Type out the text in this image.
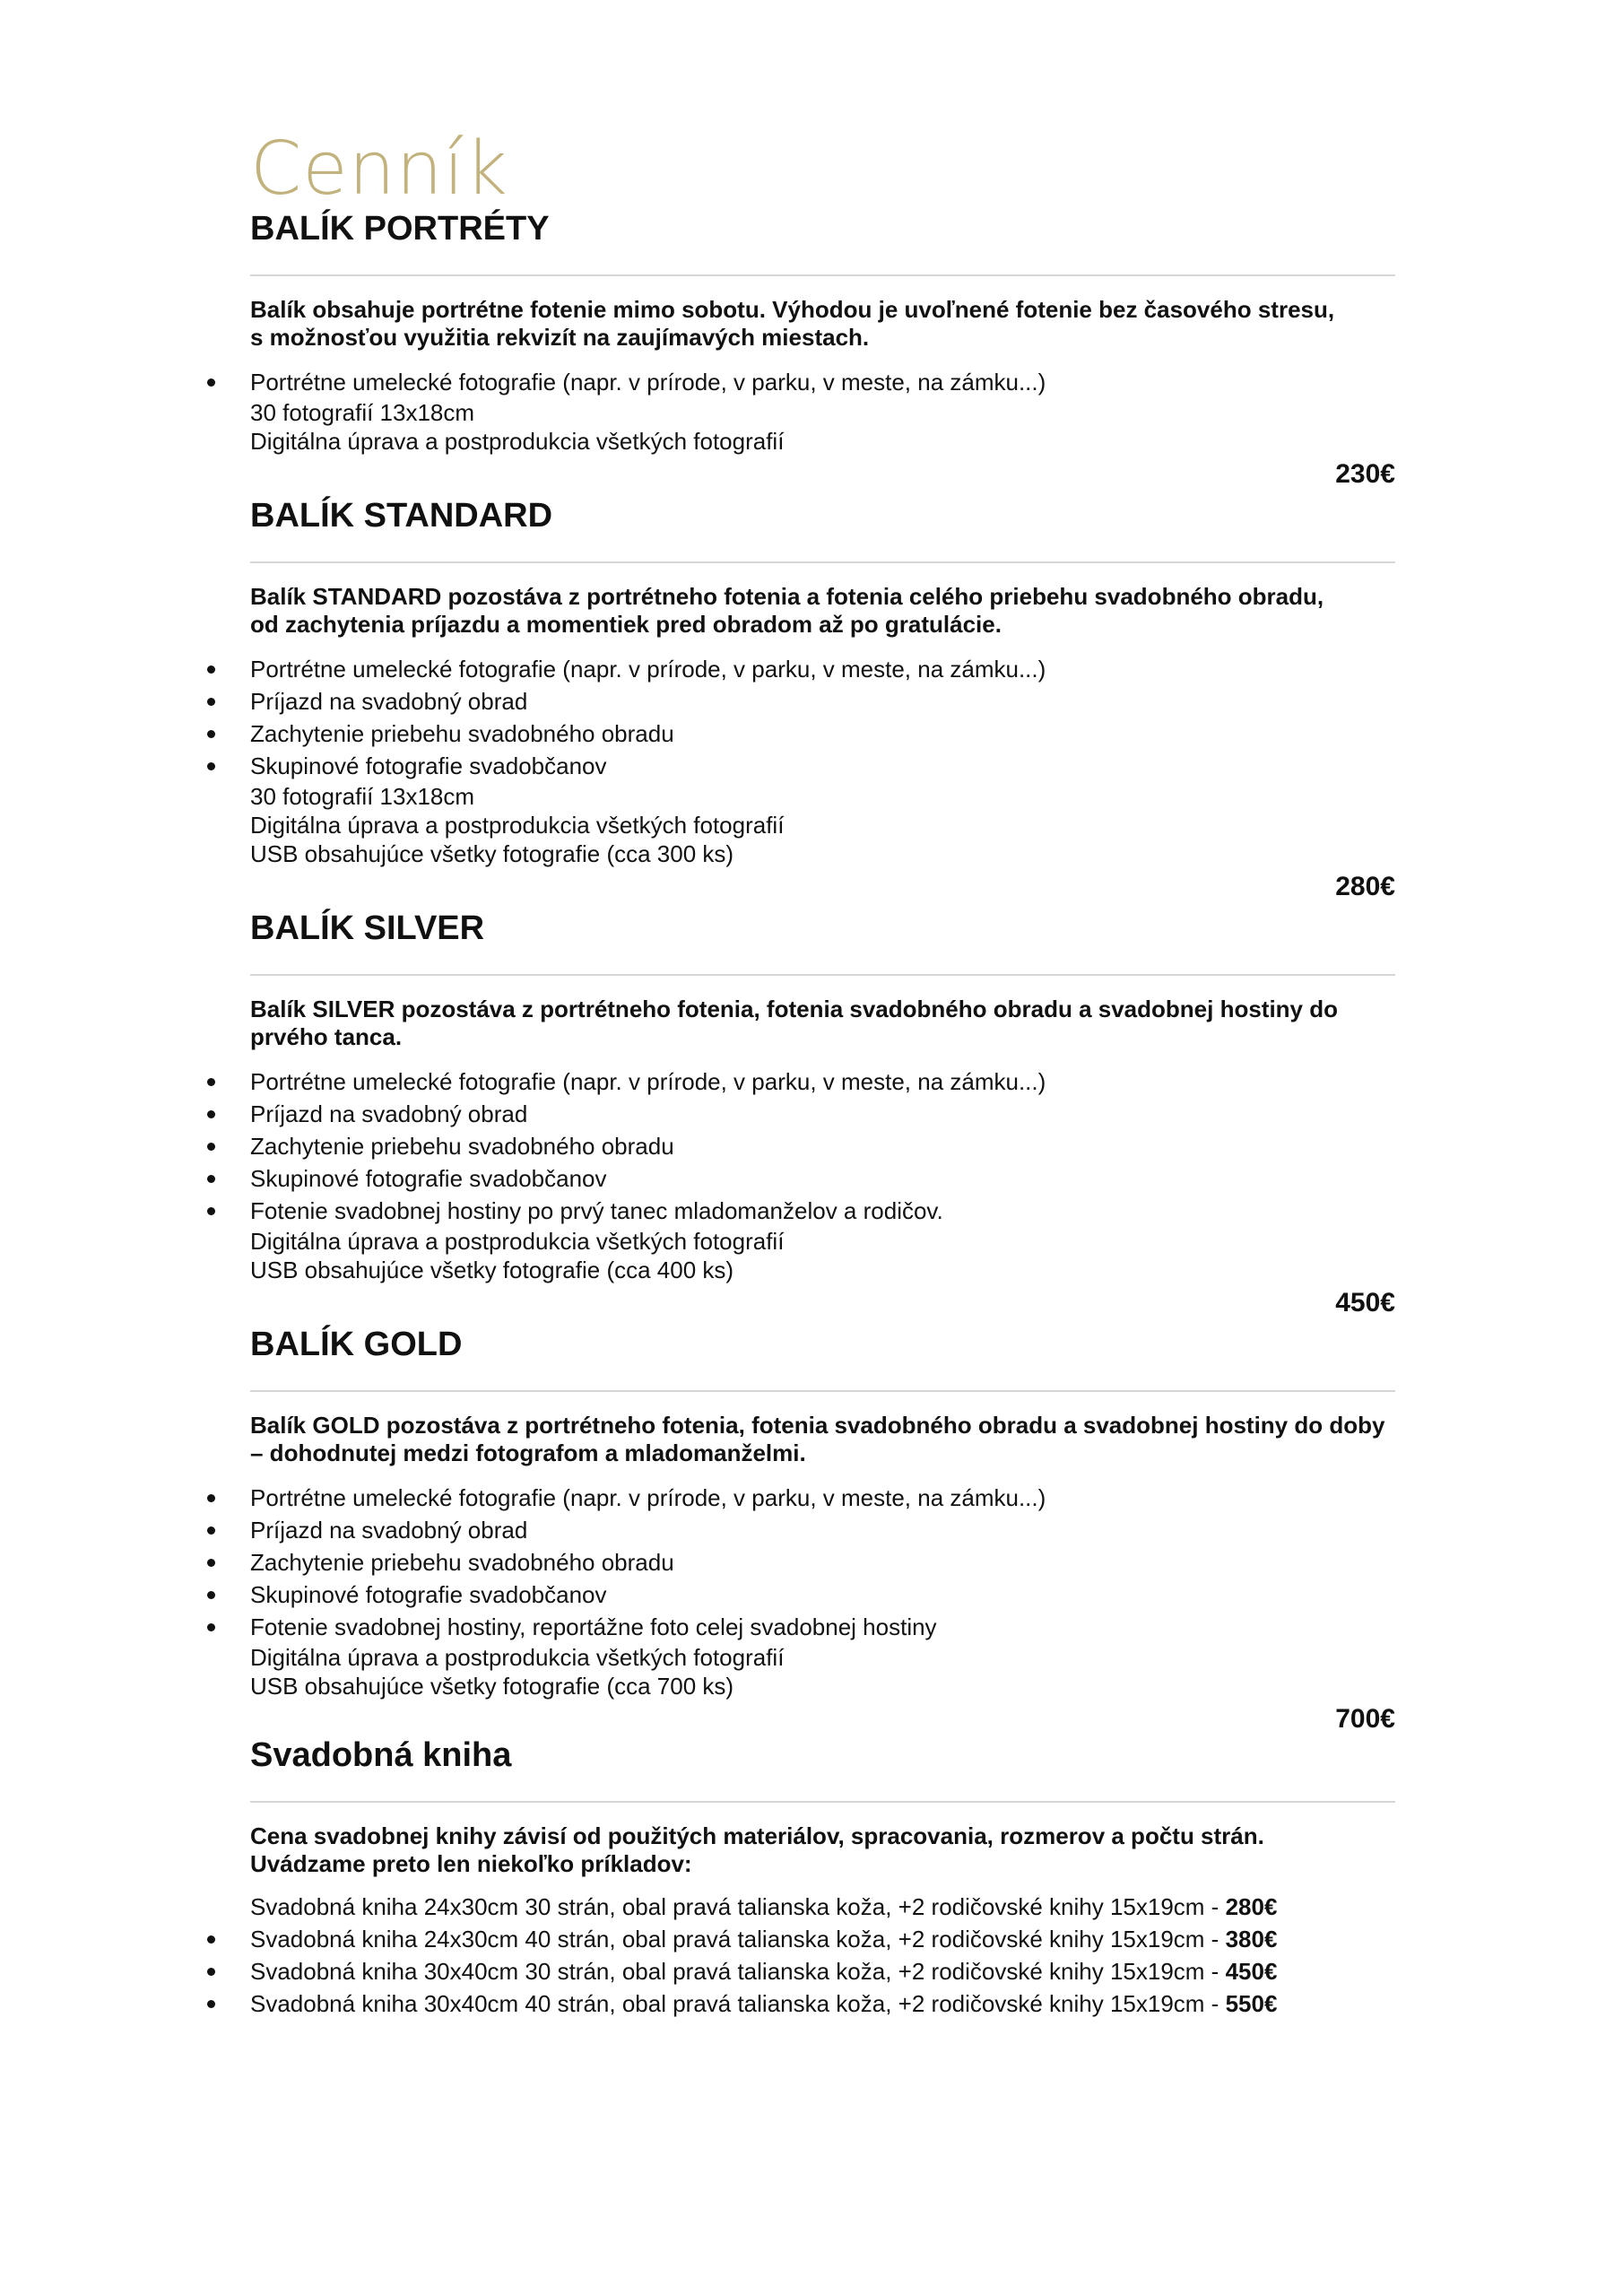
Cenník
BALÍK PORTRÉTY

Balík obsahuje portrétne fotenie mimo sobotu. Výhodou je uvoľnené fotenie bez časového stresu,

s možnosťou využitia rekvizít na zaujímavých miestach.

Portrétne umelecké fotografie (napr. v prírode, v parku, v meste, na zámku...)
30 fotografií 13x18cm
Digitálna úprava a postprodukcia všetkých fotografií
230€
BALÍK STANDARD

Balík STANDARD pozostáva z portrétneho fotenia a fotenia celého priebehu svadobného obradu,

od zachytenia príjazdu a momentiek pred obradom až po gratulácie.

Portrétne umelecké fotografie (napr. v prírode, v parku, v meste, na zámku...)
Príjazd na svadobný obrad
Zachytenie priebehu svadobného obradu
Skupinové fotografie svadobčanov
30 fotografií 13x18cm
Digitálna úprava a postprodukcia všetkých fotografií
USB obsahujúce všetky fotografie (cca 300 ks)
280€
BALÍK SILVER

Balík SILVER pozostáva z portrétneho fotenia, fotenia svadobného obradu a svadobnej hostiny do prvého tanca.

Portrétne umelecké fotografie (napr. v prírode, v parku, v meste, na zámku...)
Príjazd na svadobný obrad
Zachytenie priebehu svadobného obradu
Skupinové fotografie svadobčanov
Fotenie svadobnej hostiny po prvý tanec mladomanželov a rodičov.
Digitálna úprava a postprodukcia všetkých fotografií
USB obsahujúce všetky fotografie (cca 400 ks)
450€
BALÍK GOLD

Balík GOLD pozostáva z portrétneho fotenia, fotenia svadobného obradu a svadobnej hostiny do doby – dohodnutej medzi fotografom a mladomanželmi.

Portrétne umelecké fotografie (napr. v prírode, v parku, v meste, na zámku...)
Príjazd na svadobný obrad
Zachytenie priebehu svadobného obradu
Skupinové fotografie svadobčanov
Fotenie svadobnej hostiny, reportážne foto celej svadobnej hostiny
Digitálna úprava a postprodukcia všetkých fotografií
USB obsahujúce všetky fotografie (cca 700 ks)
700€
Svadobná kniha

Cena svadobnej knihy závisí od použitých materiálov, spracovania, rozmerov a počtu strán.

Uvádzame preto len niekoľko príkladov:

Svadobná kniha 24x30cm 30 strán, obal pravá talianska koža, +2 rodičovské knihy 15x19cm - 280€
Svadobná kniha 24x30cm 40 strán, obal pravá talianska koža, +2 rodičovské knihy 15x19cm - 380€
Svadobná kniha 30x40cm 30 strán, obal pravá talianska koža, +2 rodičovské knihy 15x19cm - 450€
Svadobná kniha 30x40cm 40 strán, obal pravá talianska koža, +2 rodičovské knihy 15x19cm - 550€
